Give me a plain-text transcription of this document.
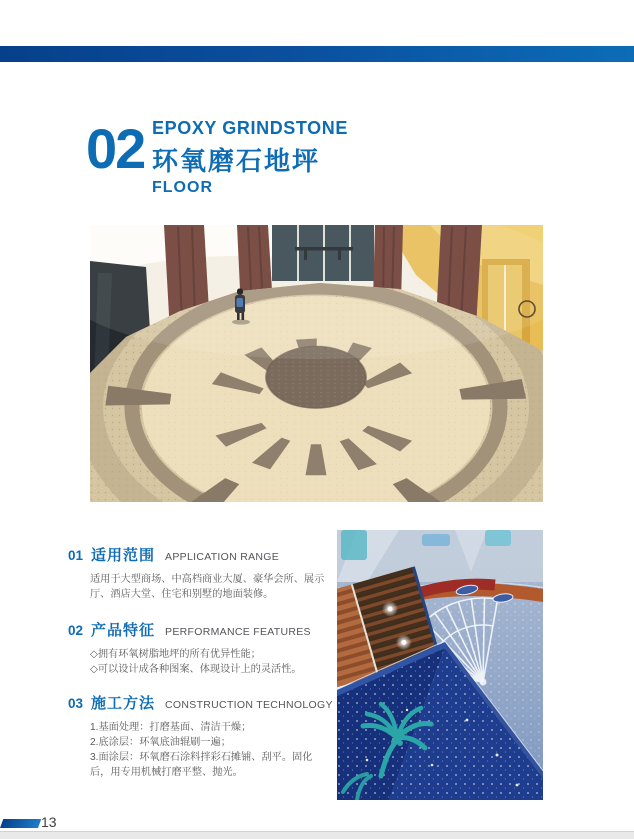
02 EPOXY GRINDSTONE
环氧磨石地坪
FLOOR
01 适用范围 APPLICATION RANGE

适用于大型商场、中高档商业大厦、豪华会所、展示厅、酒店大堂、住宅和别墅的地面装修。

02 产品特征 PERFORMANCE FEATURES

◇拥有环氧树脂地坪的所有优异性能；

◇可以设计成各种图案、体现设计上的灵活性。

03 施工方法 CONSTRUCTION TECHNOLOGY

1.基面处理：打磨基面、清洁干燥；

2.底涂层：环氧底油辊刷一遍；

3.面涂层：环氧磨石涂料拌彩石摊铺、刮平。固化后，用专用机械打磨平整、抛光。

13
